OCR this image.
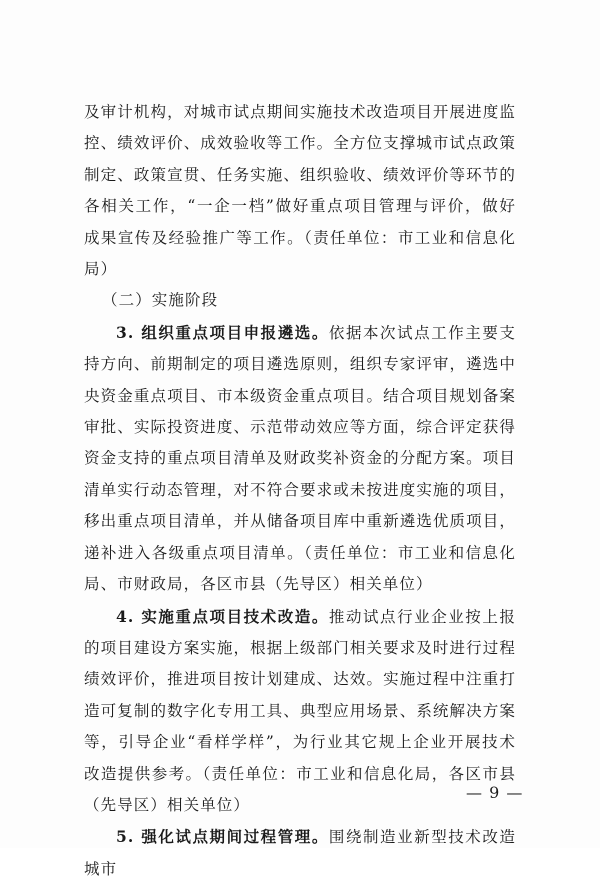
及审计机构，对城市试点期间实施技术改造项目开展进度监控、绩效评价、成效验收等工作。全方位支撑城市试点政策制定、政策宣贯、任务实施、组织验收、绩效评价等环节的各相关工作，“一企一档”做好重点项目管理与评价，做好成果宣传及经验推广等工作。（责任单位：市工业和信息化局）

（二）实施阶段

3. 组织重点项目申报遴选。依据本次试点工作主要支持方向、前期制定的项目遴选原则，组织专家评审，遴选中央资金重点项目、市本级资金重点项目。结合项目规划备案审批、实际投资进度、示范带动效应等方面，综合评定获得资金支持的重点项目清单及财政奖补资金的分配方案。项目清单实行动态管理，对不符合要求或未按进度实施的项目，移出重点项目清单，并从储备项目库中重新遴选优质项目，递补进入各级重点项目清单。（责任单位：市工业和信息化局、市财政局，各区市县（先导区）相关单位）

4. 实施重点项目技术改造。推动试点行业企业按上报的项目建设方案实施，根据上级部门相关要求及时进行过程绩效评价，推进项目按计划建成、达效。实施过程中注重打造可复制的数字化专用工具、典型应用场景、系统解决方案等，引导企业“看样学样”，为行业其它规上企业开展技术改造提供参考。（责任单位：市工业和信息化局，各区市县（先导区）相关单位）

5. 强化试点期间过程管理。围绕制造业新型技术改造城市

— 9 —
